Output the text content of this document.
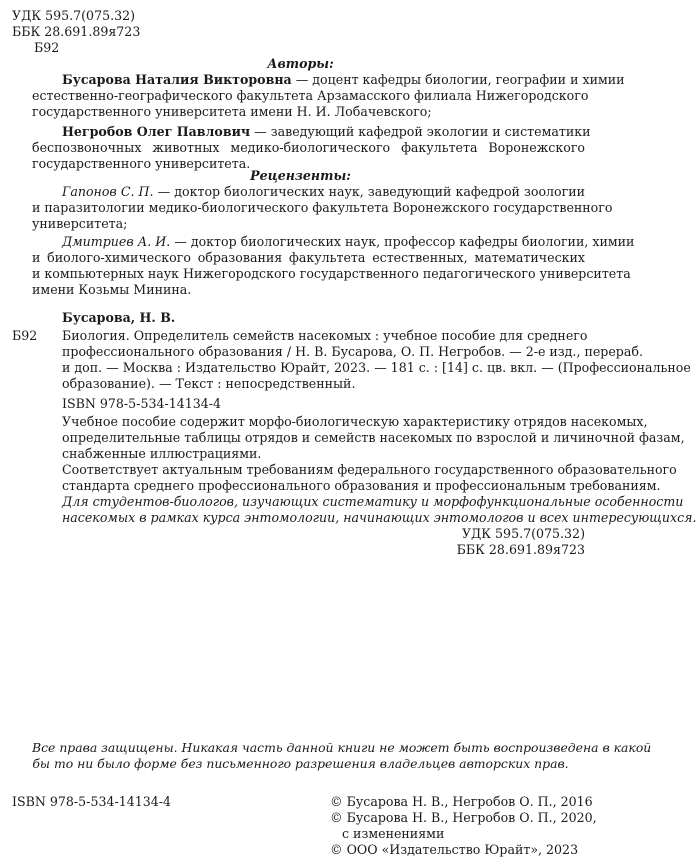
УДК 595.7(075.32)
ББК 28.691.89я723
Б92
Авторы:
Бусарова Наталия Викторовна — доцент кафедры биологии, географии и химии
естественно-географического факультета Арзамасского филиала Нижегородского
государственного университета имени Н. И. Лобачевского;
Негробов Олег Павлович — заведующий кафедрой экологии и систематики
беспозвоночных животных медико-биологического факультета Воронежского
государственного университета.
Рецензенты:
Гапонов С. П. — доктор биологических наук, заведующий кафедрой зоологии
и паразитологии медико-биологического факультета Воронежского государственного
университета;
Дмитриев А. И. — доктор биологических наук, профессор кафедры биологии, химии
и биолого-химического образования факультета естественных, математических
и компьютерных наук Нижегородского государственного педагогического университета
имени Козьмы Минина.
Бусарова, Н. В.
Б92 Биология. Определитель семейств насекомых : учебное пособие для среднего
профессионального образования / Н. В. Бусарова, О. П. Негробов. — 2-е изд., перераб.
и доп. — Москва : Издательство Юрайт, 2023. — 181 с. : [14] с. цв. вкл. — (Профессиональное
образование). — Текст : непосредственный.
ISBN 978-5-534-14134-4
Учебное пособие содержит морфо-биологическую характеристику отрядов насекомых,
определительные таблицы отрядов и семейств насекомых по взрослой и личиночной фазам,
снабженные иллюстрациями.
Соответствует актуальным требованиям федерального государственного образовательного
стандарта среднего профессионального образования и профессиональным требованиям.
Для студентов-биологов, изучающих систематику и морфофункциональные особенности
насекомых в рамках курса энтомологии, начинающих энтомологов и всех интересующихся.
УДК 595.7(075.32)
ББК 28.691.89я723
Все права защищены. Никакая часть данной книги не может быть воспроизведена в какой
бы то ни было форме без письменного разрешения владельцев авторских прав.
ISBN 978-5-534-14134-4	© Бусарова Н. В., Негробов О. П., 2016
© Бусарова Н. В., Негробов О. П., 2020,
с изменениями
© ООО «Издательство Юрайт», 2023
